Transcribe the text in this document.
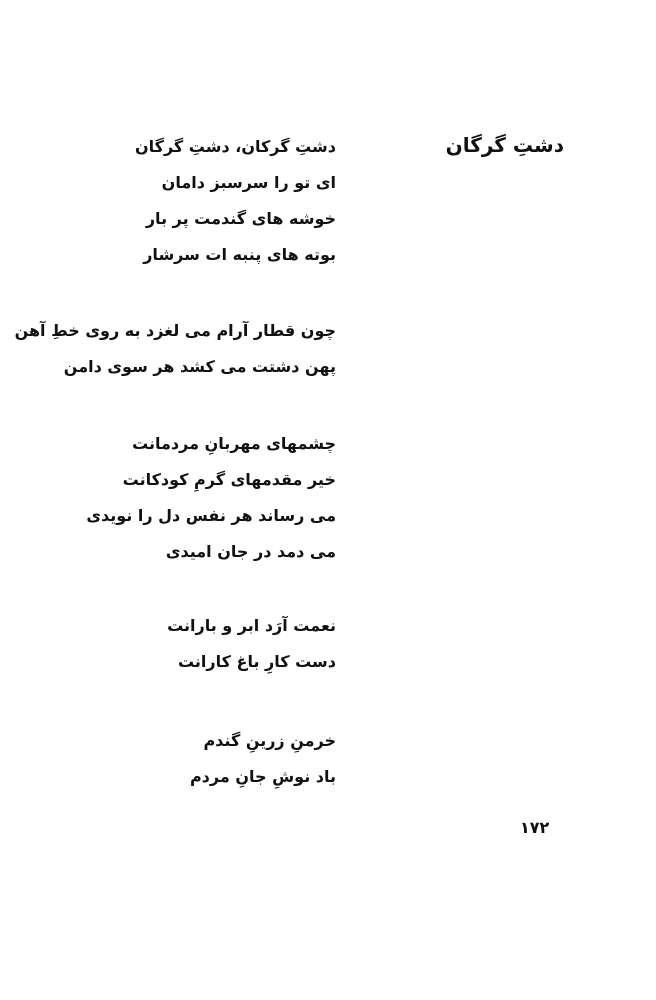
دشتِ گرگان
دشتِ گرکان، دشتِ گرگان
ای تو را سرسبز دامان
خوشه های گندمت پر بار
بوته های پنبه ات سرشار
چون قطار آرام می لغزد به روی خطِ آهن
پهن دشتت می کشد هر سوی دامن
چشمهای مهربانِ مردمانت
خیر مقدمهای گرمِ کودکانت
می رساند هر نفس دل را نویدی
می دمد در جان امیدی
نعمت آرَد ابر و بارانت
دست کارِ باغ کارانت
خرمنِ زرینِ گندم
باد نوشِ جانِ مردم
۱۷۲
